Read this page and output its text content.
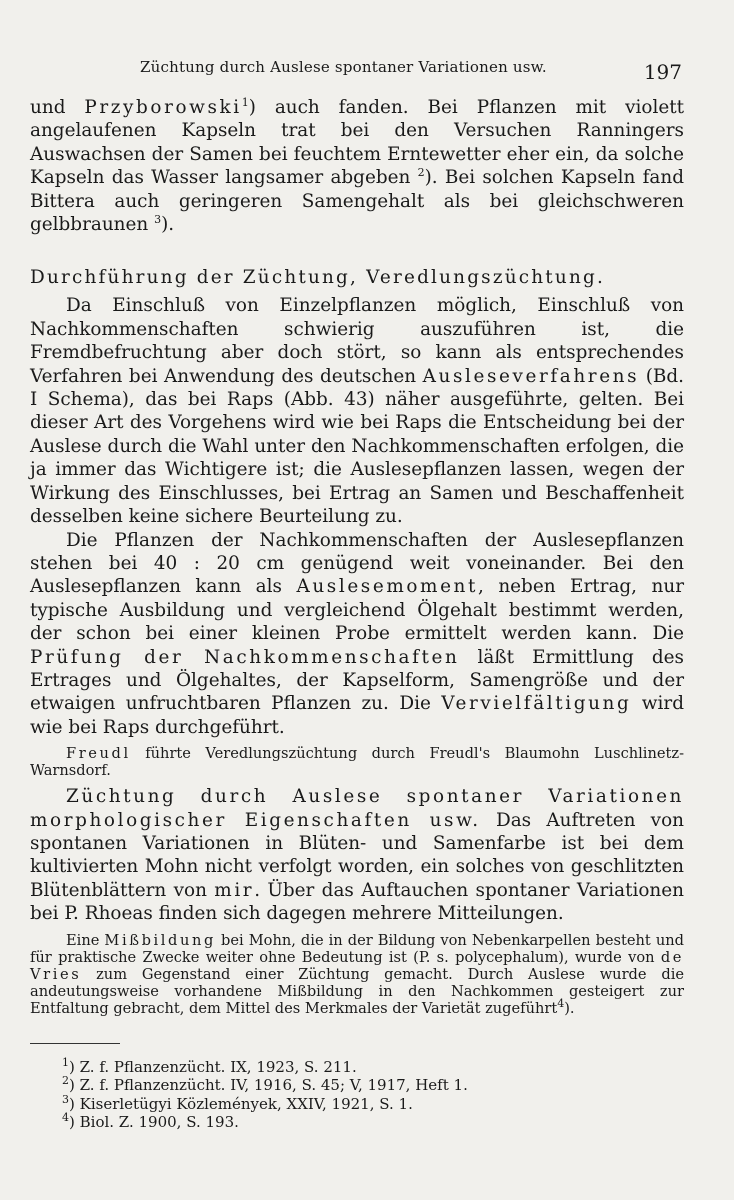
Züchtung durch Auslese spontaner Variationen usw.	197

und Przyborowski$^1$) auch fanden. Bei Pflanzen mit violett angelaufenen Kapseln trat bei den Versuchen Ranningers Auswachsen der Samen bei feuchtem Erntewetter eher ein, da solche Kapseln das Wasser langsamer abgeben $^2$). Bei solchen Kapseln fand Bittera auch geringeren Samengehalt als bei gleichschweren gelbbraunen $^3$).

Durchführung der Züchtung, Veredlungszüchtung.

Da Einschluß von Einzelpflanzen möglich, Einschluß von Nachkommenschaften schwierig auszuführen ist, die Fremdbefruchtung aber doch stört, so kann als entsprechendes Verfahren bei Anwendung des deutschen Ausleseverfahrens (Bd. I Schema), das bei Raps (Abb. 43) näher ausgeführte, gelten. Bei dieser Art des Vorgehens wird wie bei Raps die Entscheidung bei der Auslese durch die Wahl unter den Nachkommenschaften erfolgen, die ja immer das Wichtigere ist; die Auslesepflanzen lassen, wegen der Wirkung des Einschlusses, bei Ertrag an Samen und Beschaffenheit desselben keine sichere Beurteilung zu.

Die Pflanzen der Nachkommenschaften der Auslesepflanzen stehen bei 40 : 20 cm genügend weit voneinander. Bei den Auslesepflanzen kann als Auslesemoment, neben Ertrag, nur typische Ausbildung und vergleichend Ölgehalt bestimmt werden, der schon bei einer kleinen Probe ermittelt werden kann. Die Prüfung der Nachkommenschaften läßt Ermittlung des Ertrages und Ölgehaltes, der Kapselform, Samengröße und der etwaigen unfruchtbaren Pflanzen zu. Die Vervielfältigung wird wie bei Raps durchgeführt.

Freudl führte Veredlungszüchtung durch Freudl's Blaumohn Luschlinetz-Warnsdorf.

Züchtung durch Auslese spontaner Variationen morphologischer Eigenschaften usw. Das Auftreten von spontanen Variationen in Blüten- und Samenfarbe ist bei dem kultivierten Mohn nicht verfolgt worden, ein solches von geschlitzten Blütenblättern von mir. Über das Auftauchen spontaner Variationen bei P. Rhoeas finden sich dagegen mehrere Mitteilungen.

Eine Mißbildung bei Mohn, die in der Bildung von Nebenkarpellen besteht und für praktische Zwecke weiter ohne Bedeutung ist (P. s. polycephalum), wurde von de Vries zum Gegenstand einer Züchtung gemacht. Durch Auslese wurde die andeutungsweise vorhandene Mißbildung in den Nachkommen gesteigert zur Entfaltung gebracht, dem Mittel des Merkmales der Varietät zugeführt$^4$).

$^1$) Z. f. Pflanzenzücht. IX, 1923, S. 211.
$^2$) Z. f. Pflanzenzücht. IV, 1916, S. 45; V, 1917, Heft 1.
$^3$) Kiserletügyi Közlemények, XXIV, 1921, S. 1.
$^4$) Biol. Z. 1900, S. 193.
